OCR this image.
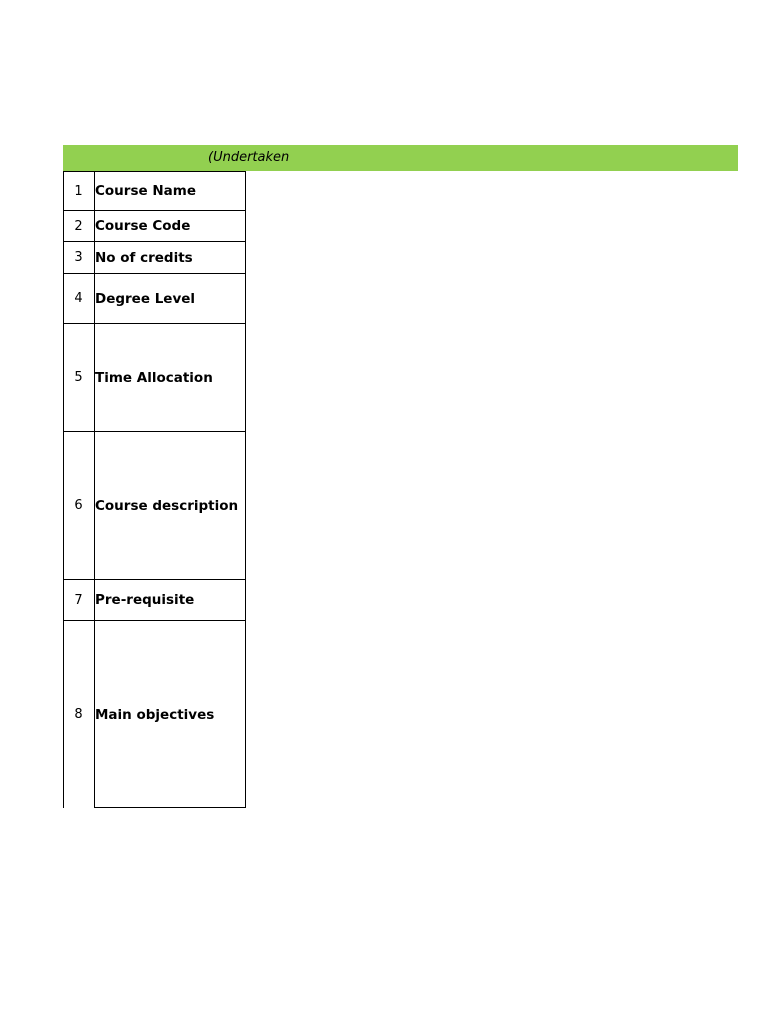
(Undertaken
1 Course Name
2 Course Code
3 No of credits
4 Degree Level
5 Time Allocation
6 Course description
7 Pre-requisite
8 Main objectives
